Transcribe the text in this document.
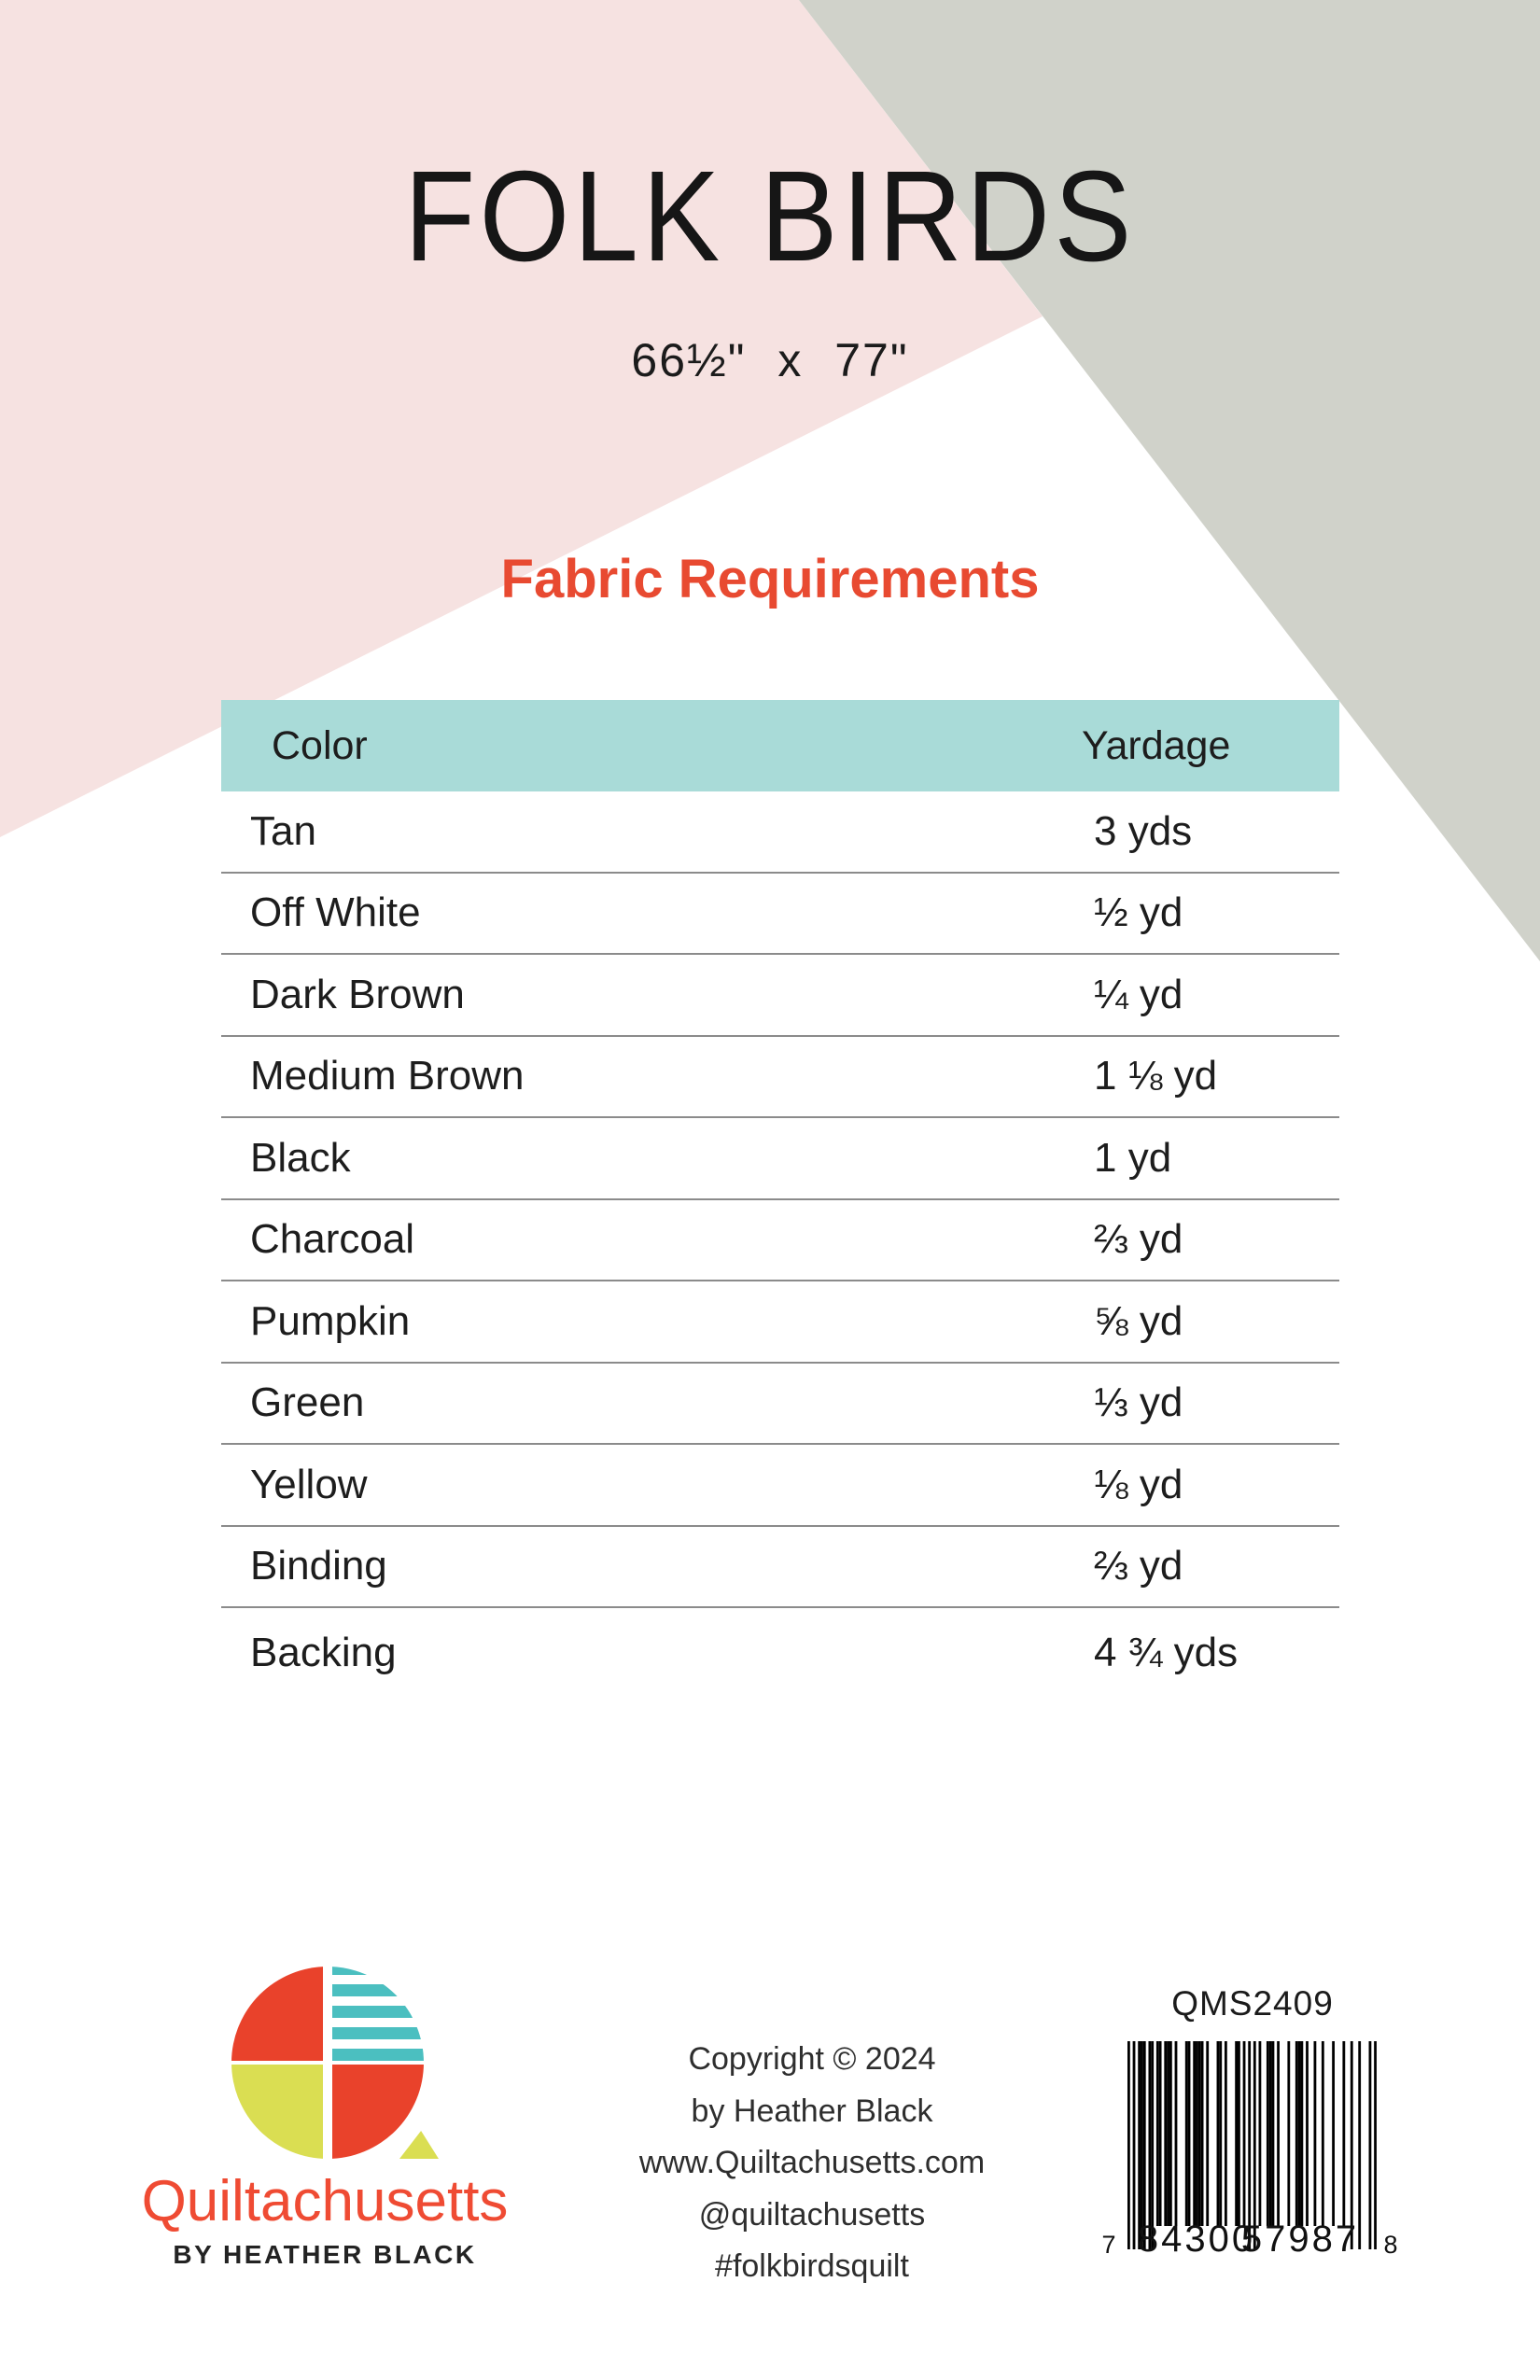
FOLK BIRDS
66½" x 77"
Fabric Requirements
Color	Yardage
Tan	3 yds
Off White	½ yd
Dark Brown	¼ yd
Medium Brown	1 ⅛ yd
Black	1 yd
Charcoal	⅔ yd
Pumpkin	⅝ yd
Green	⅓ yd
Yellow	⅛ yd
Binding	⅔ yd
Backing	4 ¾ yds
Quiltachusetts
BY HEATHER BLACK
Copyright © 2024
by Heather Black
www.Quiltachusetts.com
@quiltachusetts
#folkbirdsquilt
QMS2409
7 84300
57987 8
